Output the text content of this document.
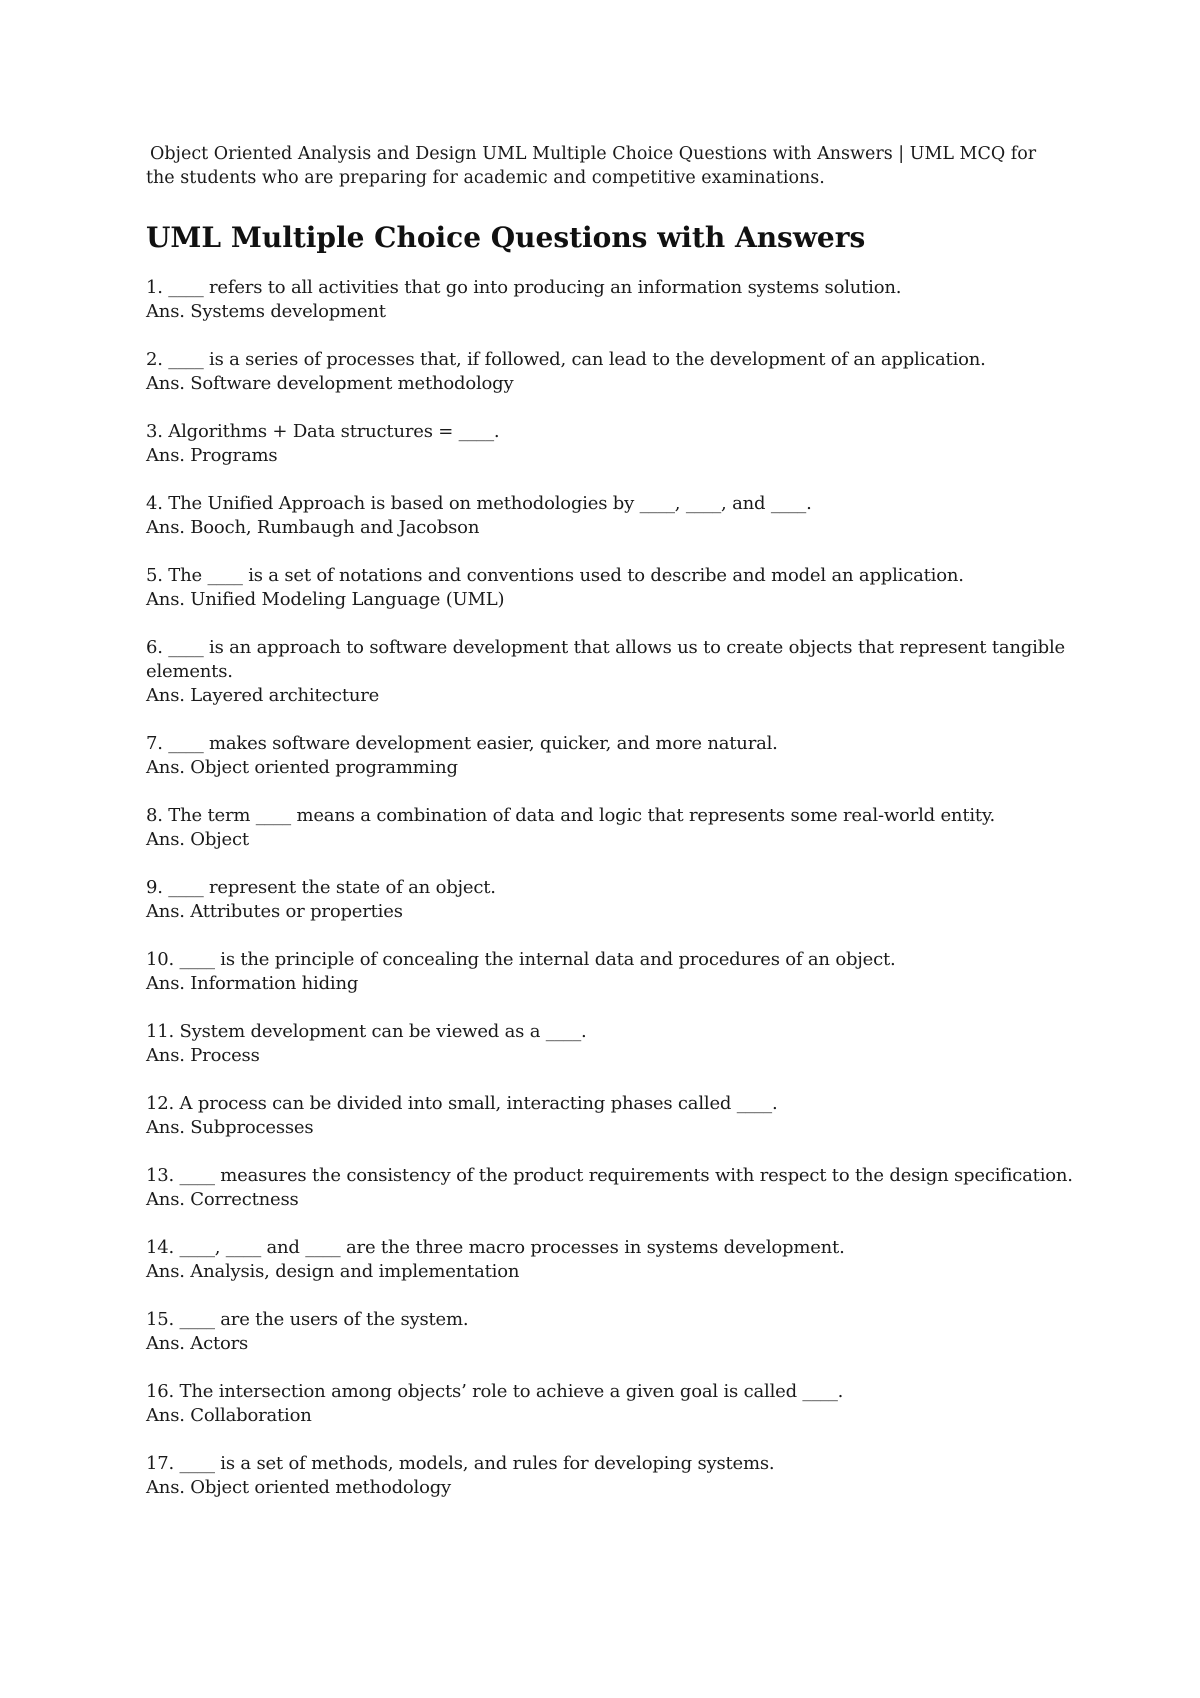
Object Oriented Analysis and Design UML Multiple Choice Questions with Answers | UML MCQ for
the students who are preparing for academic and competitive examinations.

UML Multiple Choice Questions with Answers
1. ____ refers to all activities that go into producing an information systems solution.
Ans. Systems development
2. ____ is a series of processes that, if followed, can lead to the development of an application.
Ans. Software development methodology
3. Algorithms + Data structures = ____.
Ans. Programs
4. The Unified Approach is based on methodologies by ____, ____, and ____.
Ans. Booch, Rumbaugh and Jacobson
5. The ____ is a set of notations and conventions used to describe and model an application.
Ans. Unified Modeling Language (UML)
6. ____ is an approach to software development that allows us to create objects that represent tangible elements.
Ans. Layered architecture
7. ____ makes software development easier, quicker, and more natural.
Ans. Object oriented programming
8. The term ____ means a combination of data and logic that represents some real-world entity.
Ans. Object
9. ____ represent the state of an object.
Ans. Attributes or properties
10. ____ is the principle of concealing the internal data and procedures of an object.
Ans. Information hiding
11. System development can be viewed as a ____.
Ans. Process
12. A process can be divided into small, interacting phases called ____.
Ans. Subprocesses
13. ____ measures the consistency of the product requirements with respect to the design specification.
Ans. Correctness
14. ____, ____ and ____ are the three macro processes in systems development.
Ans. Analysis, design and implementation
15. ____ are the users of the system.
Ans. Actors
16. The intersection among objects’ role to achieve a given goal is called ____.
Ans. Collaboration
17. ____ is a set of methods, models, and rules for developing systems.
Ans. Object oriented methodology
